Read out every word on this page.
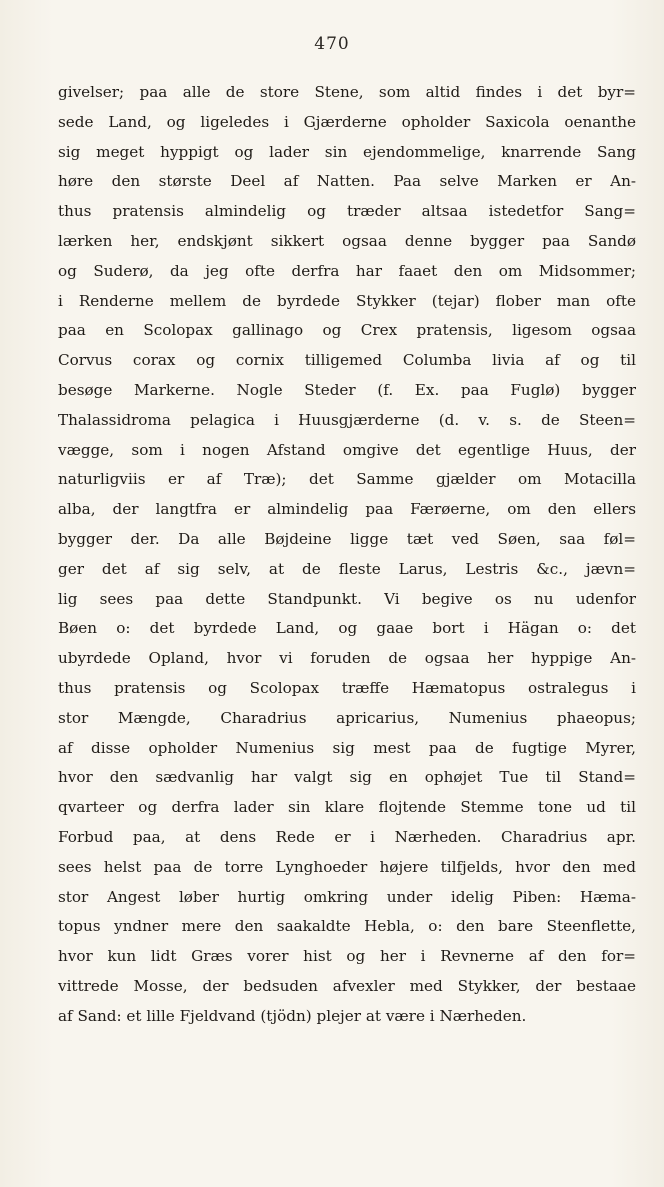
470
givelser; paa alle de store Stene, som altid findes i det byr=
sede Land, og ligeledes i Gjærderne opholder Saxicola oenanthe
sig meget hyppigt og lader sin ejendommelige, knarrende Sang
høre den største Deel af Natten. Paa selve Marken er An-
thus pratensis almindelig og træder altsaa istedetfor Sang=
lærken her, endskjønt sikkert ogsaa denne bygger paa Sandø
og Suderø, da jeg ofte derfra har faaet den om Midsommer;
i Renderne mellem de byrdede Stykker (tejar) flober man ofte
paa en Scolopax gallinago og Crex pratensis, ligesom ogsaa
Corvus corax og cornix tilligemed Columba livia af og til
besøge Markerne. Nogle Steder (f. Ex. paa Fuglø) bygger
Thalassidroma pelagica i Huusgjærderne (d. v. s. de Steen=
vægge, som i nogen Afstand omgive det egentlige Huus, der
naturligviis er af Træ); det Samme gjælder om Motacilla
alba, der langtfra er almindelig paa Færøerne, om den ellers
bygger der. Da alle Bøjdeine ligge tæt ved Søen, saa føl=
ger det af sig selv, at de fleste Larus, Lestris &c., jævn=
lig sees paa dette Standpunkt. Vi begive os nu udenfor
Bøen o: det byrdede Land, og gaae bort i Hägan o: det
ubyrdede Opland, hvor vi foruden de ogsaa her hyppige An-
thus pratensis og Scolopax træffe Hæmatopus ostralegus i
stor Mængde, Charadrius apricarius, Numenius phaeopus;
af disse opholder Numenius sig mest paa de fugtige Myrer,
hvor den sædvanlig har valgt sig en ophøjet Tue til Stand=
qvarteer og derfra lader sin klare flojtende Stemme tone ud til
Forbud paa, at dens Rede er i Nærheden. Charadrius apr.
sees helst paa de torre Lynghoeder højere tilfjelds, hvor den med
stor Angest løber hurtig omkring under idelig Piben: Hæma-
topus yndner mere den saakaldte Hebla, o: den bare Steenflette,
hvor kun lidt Græs vorer hist og her i Revnerne af den for=
vittrede Mosse, der bedsuden afvexler med Stykker, der bestaae
af Sand: et lille Fjeldvand (tjödn) plejer at være i Nærheden.
